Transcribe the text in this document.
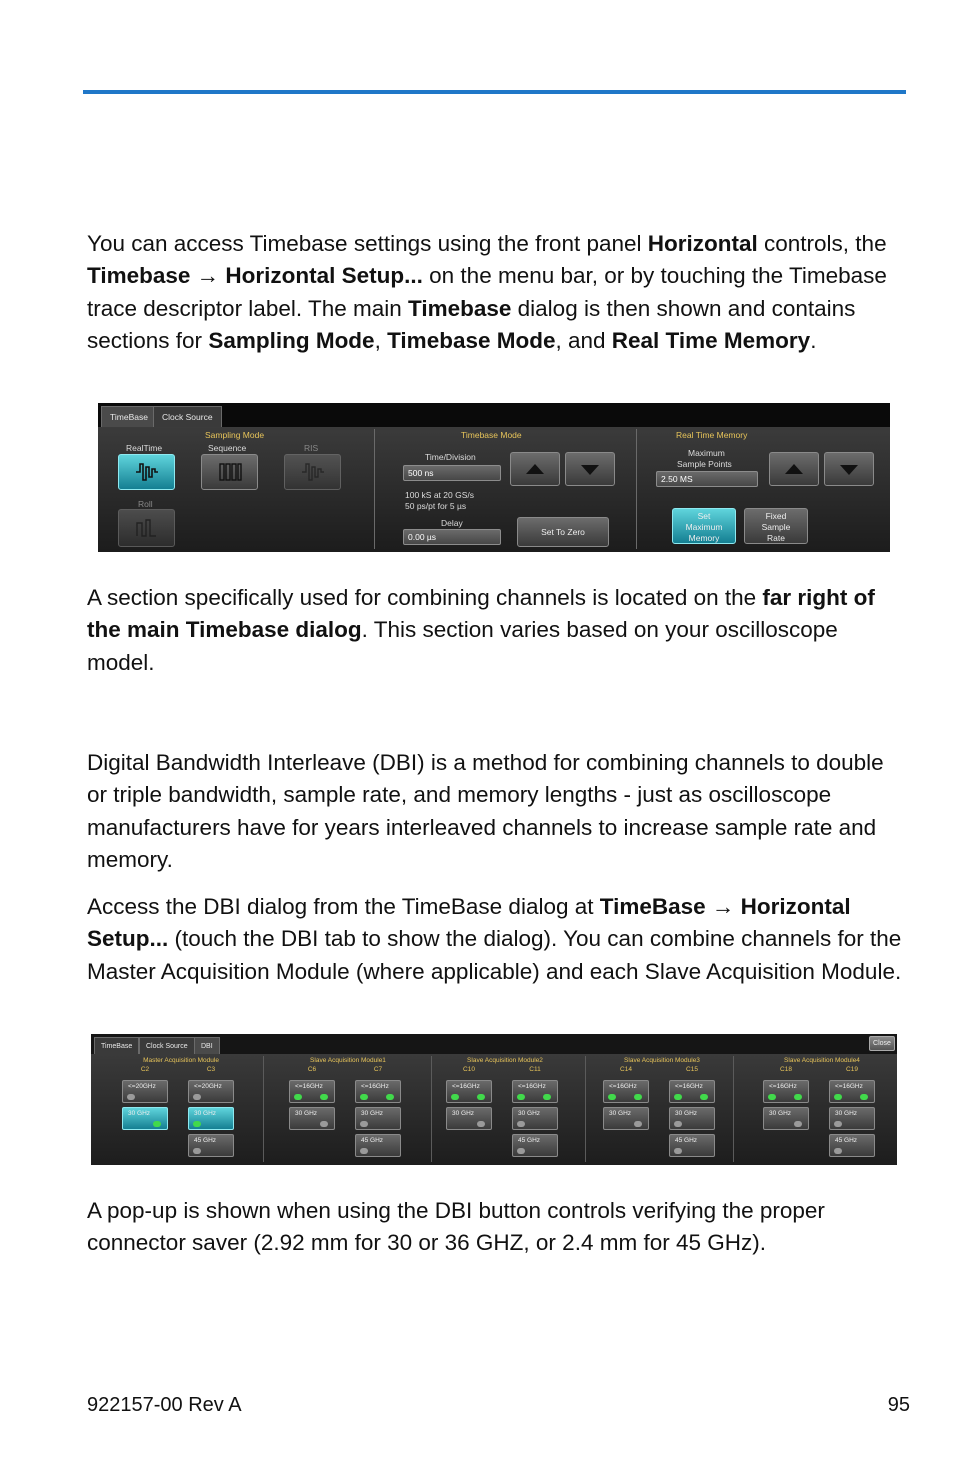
You can access Timebase settings using the front panel Horizontal controls, the Timebase → Horizontal Setup... on the menu bar, or by touching the Timebase trace descriptor label. The main Timebase dialog is then shown and contains sections for Sampling Mode, Timebase Mode, and Real Time Memory.

TimeBase	Clock Source
Sampling Mode
RealTime	Sequence	RIS
Roll
Timebase Mode
Time/Division
500 ns
100 kS at 20 GS/s
50 ps/pt for 5 µs
Delay
0.00 µs	Set To Zero
Real Time Memory
Maximum
Sample Points
2.50 MS
Set
Maximum
Memory
Fixed
Sample
Rate

A section specifically used for combining channels is located on the far right of the main Timebase dialog. This section varies based on your oscilloscope model.

Digital Bandwidth Interleave (DBI) is a method for combining channels to double or triple bandwidth, sample rate, and memory lengths - just as oscilloscope manufacturers have for years interleaved channels to increase sample rate and memory.

Access the DBI dialog from the TimeBase dialog at TimeBase → Horizontal Setup... (touch the DBI tab to show the dialog). You can combine channels for the Master Acquisition Module (where applicable) and each Slave Acquisition Module.

TimeBase	Clock Source	DBI	Close
Master Acquisition Module
C2	C3
<=20GHz	<=20GHz
30 GHz	30 GHz
45 GHz
Slave Acquisition Module1
C6	C7
<=16GHz	<=16GHz
30 GHz	30 GHz
45 GHz
Slave Acquisition Module2
C10	C11
<=16GHz	<=16GHz
30 GHz	30 GHz
45 GHz
Slave Acquisition Module3
C14	C15
<=16GHz	<=16GHz
30 GHz	30 GHz
45 GHz
Slave Acquisition Module4
C18	C19
<=16GHz	<=16GHz
30 GHz	30 GHz
45 GHz

A pop-up is shown when using the DBI button controls verifying the proper connector saver (2.92 mm for 30 or 36 GHZ, or 2.4 mm for 45 GHz).

922157-00 Rev A	95
